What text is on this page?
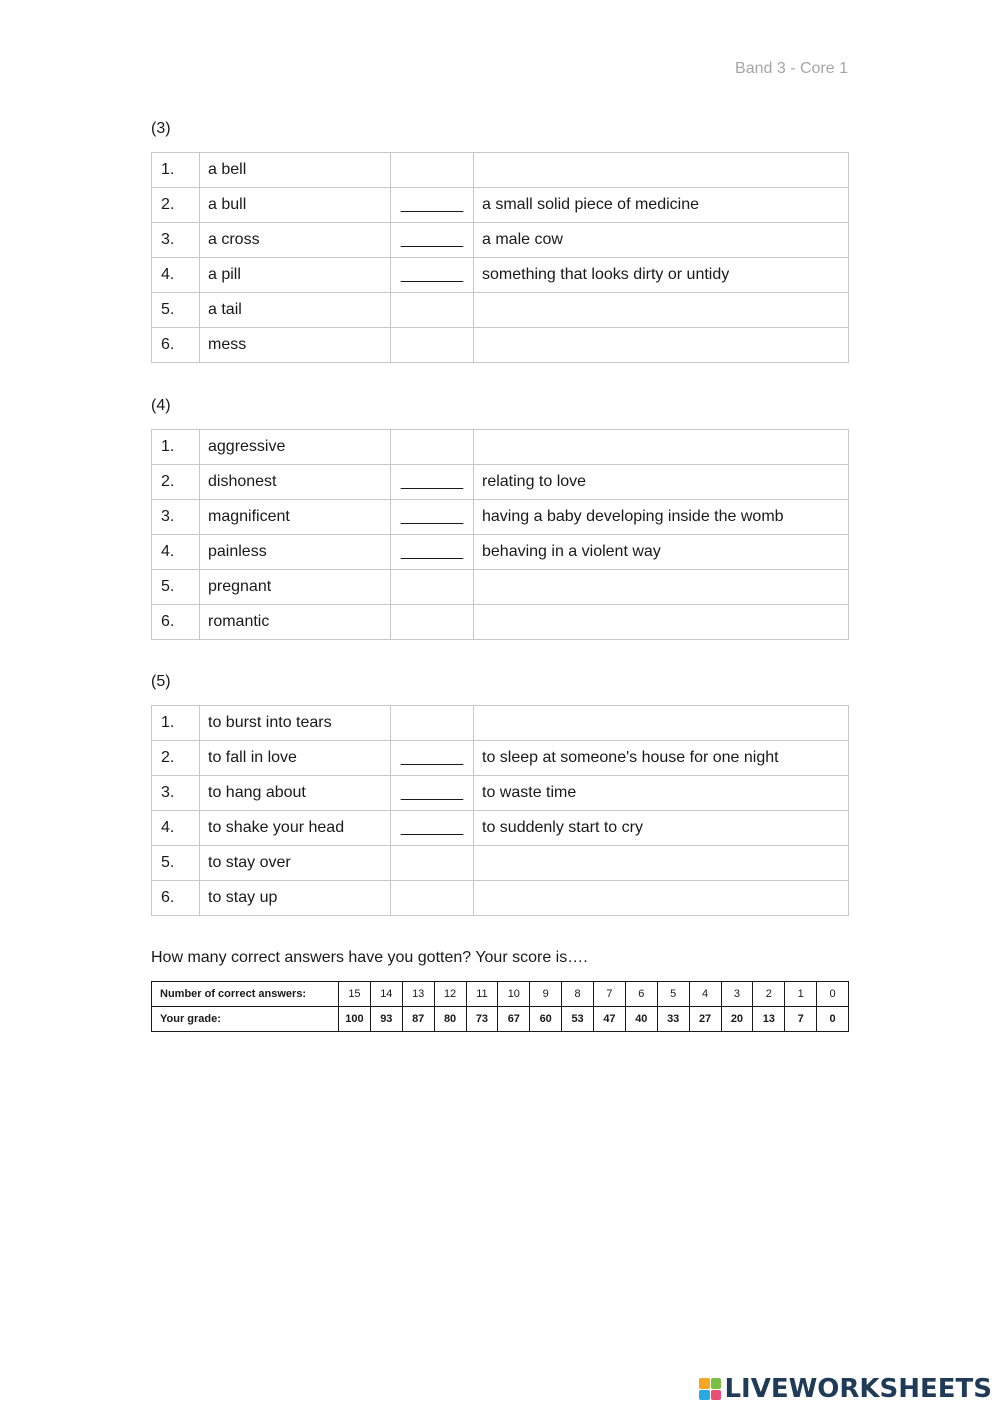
Band 3 - Core 1
(3)
1.	a bell		
2.	a bull	_______	a small solid piece of medicine
3.	a cross	_______	a male cow
4.	a pill	_______	something that looks dirty or untidy
5.	a tail		
6.	mess		
(4)
1.	aggressive		
2.	dishonest	_______	relating to love
3.	magnificent	_______	having a baby developing inside the womb
4.	painless	_______	behaving in a violent way
5.	pregnant		
6.	romantic		
(5)
1.	to burst into tears		
2.	to fall in love	_______	to sleep at someone's house for one night
3.	to hang about	_______	to waste time
4.	to shake your head	_______	to suddenly start to cry
5.	to stay over		
6.	to stay up		
How many correct answers have you gotten? Your score is….
Number of correct answers:	15	14	13	12	11	10	9	8	7	6	5	4	3	2	1	0
Your grade:	100	93	87	80	73	67	60	53	47	40	33	27	20	13	7	0
LIVEWORKSHEETS
